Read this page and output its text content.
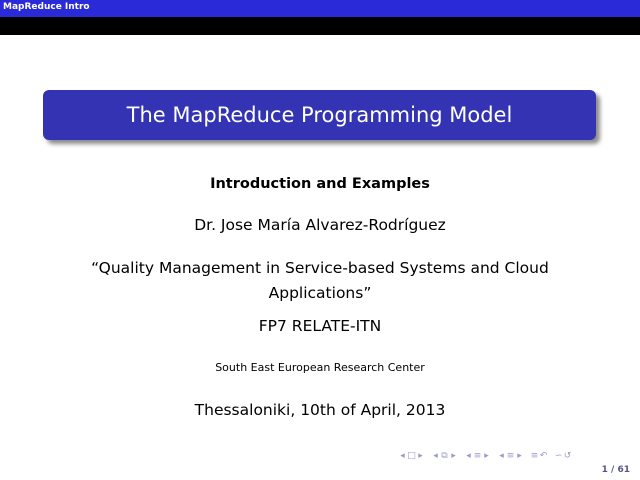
MapReduce Intro
The MapReduce Programming Model
Introduction and Examples
Dr. Jose María Alvarez-Rodríguez
“Quality Management in Service-based Systems and Cloud
Applications”
FP7 RELATE-ITN
South East European Research Center
Thessaloniki, 10th of April, 2013
◂ □ ▸ ◂ ⧉ ▸ ◂ ≡ ▸ ◂ ≡ ▸ ≡ ↶ ∽ ↺
1 / 61
